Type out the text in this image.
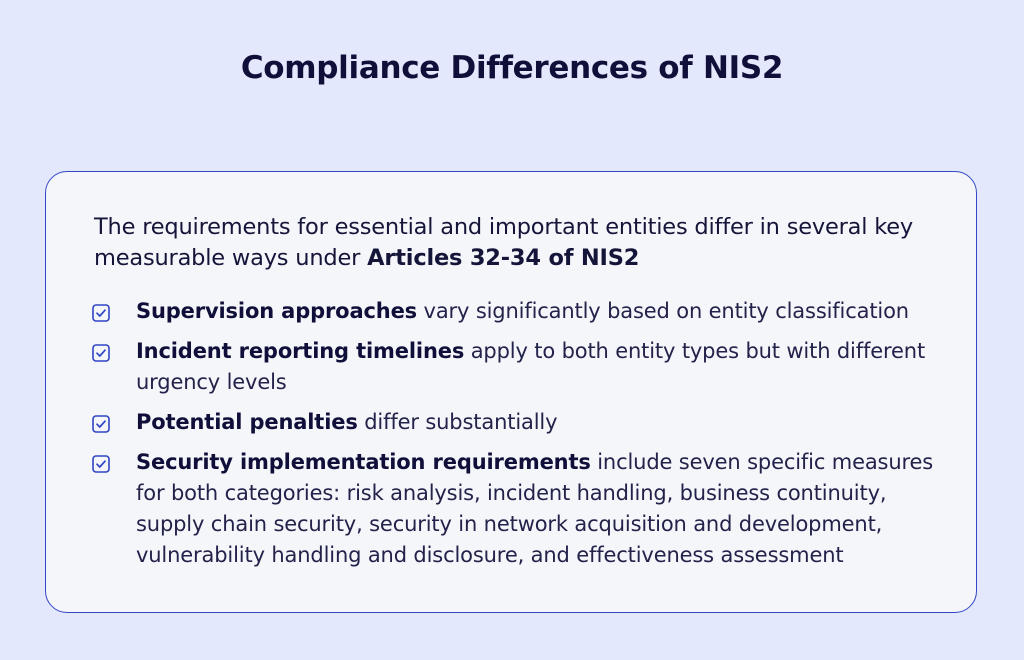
Compliance Differences of NIS2
The requirements for essential and important entities differ in several key measurable ways under Articles 32-34 of NIS2
Supervision approaches vary significantly based on entity classification
Incident reporting timelines apply to both entity types but with different urgency levels
Potential penalties differ substantially
Security implementation requirements include seven specific measures for both categories: risk analysis, incident handling, business continuity, supply chain security, security in network acquisition and development, vulnerability handling and disclosure, and effectiveness assessment
